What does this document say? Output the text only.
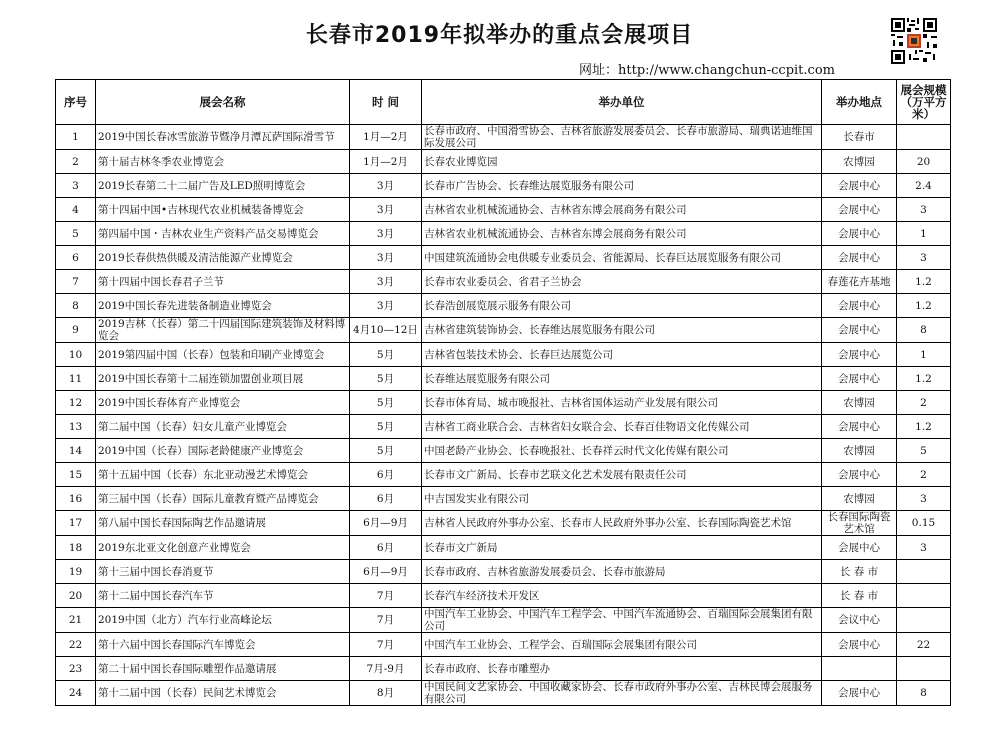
长春市2019年拟举办的重点会展项目
网址：http://www.changchun-ccpit.com
序号	展会名称	时 间	举办单位	举办地点	展会规模（万平方米）
1	2019中国长春冰雪旅游节暨净月潭瓦萨国际滑雪节	1月—2月	长春市政府、中国滑雪协会、吉林省旅游发展委员会、长春市旅游局、瑞典诺迪维国际发展公司	长春市	
2	第十届吉林冬季农业博览会	1月—2月	长春农业博览园	农博园	20
3	2019长春第二十二届广告及LED照明博览会	3月	长春市广告协会、长春维达展览服务有限公司	会展中心	2.4
4	第十四届中国•吉林现代农业机械装备博览会	3月	吉林省农业机械流通协会、吉林省东博会展商务有限公司	会展中心	3
5	第四届中国・吉林农业生产资料产品交易博览会	3月	吉林省农业机械流通协会、吉林省东博会展商务有限公司	会展中心	1
6	2019长春供热供暖及清洁能源产业博览会	3月	中国建筑流通协会电供暖专业委员会、省能源局、长春巨达展览服务有限公司	会展中心	3
7	第十四届中国长春君子兰节	3月	长春市农业委员会、省君子兰协会	春莲花卉基地	1.2
8	2019中国长春先进装备制造业博览会	3月	长春浩创展览展示服务有限公司	会展中心	1.2
9	2019吉林（长春）第二十四届国际建筑装饰及材料博览会	4月10—12日	吉林省建筑装饰协会、长春维达展览服务有限公司	会展中心	8
10	2019第四届中国（长春）包装和印刷产业博览会	5月	吉林省包装技术协会、长春巨达展览公司	会展中心	1
11	2019中国长春第十二届连锁加盟创业项目展	5月	长春维达展览服务有限公司	会展中心	1.2
12	2019中国长春体育产业博览会	5月	长春市体育局、城市晚报社、吉林省国体运动产业发展有限公司	农博园	2
13	第二届中国（长春）妇女儿童产业博览会	5月	吉林省工商业联合会、吉林省妇女联合会、长春百佳物语文化传媒公司	会展中心	1.2
14	2019中国（长春）国际老龄健康产业博览会	5月	中国老龄产业协会、长春晚报社、长春祥云时代文化传媒有限公司	农博园	5
15	第十五届中国（长春）东北亚动漫艺术博览会	6月	长春市文广新局、长春市艺联文化艺术发展有限责任公司	会展中心	2
16	第三届中国（长春）国际儿童教育暨产品博览会	6月	中吉国发实业有限公司	农博园	3
17	第八届中国长春国际陶艺作品邀请展	6月—9月	吉林省人民政府外事办公室、长春市人民政府外事办公室、长春国际陶瓷艺术馆	长春国际陶瓷艺术馆	0.15
18	2019东北亚文化创意产业博览会	6月	长春市文广新局	会展中心	3
19	第十三届中国长春消夏节	6月—9月	长春市政府、吉林省旅游发展委员会、长春市旅游局	长 春 市	
20	第十二届中国长春汽车节	7月	长春汽车经济技术开发区	长 春 市	
21	2019中国（北方）汽车行业高峰论坛	7月	中国汽车工业协会、中国汽车工程学会、中国汽车流通协会、百瑞国际会展集团有限公司	会议中心	
22	第十六届中国长春国际汽车博览会	7月	中国汽车工业协会、工程学会、百瑞国际会展集团有限公司	会展中心	22
23	第二十届中国长春国际雕塑作品邀请展	7月-9月	长春市政府、长春市雕塑办		
24	第十二届中国（长春）民间艺术博览会	8月	中国民间文艺家协会、中国收藏家协会、长春市政府外事办公室、吉林民博会展服务有限公司	会展中心	8
